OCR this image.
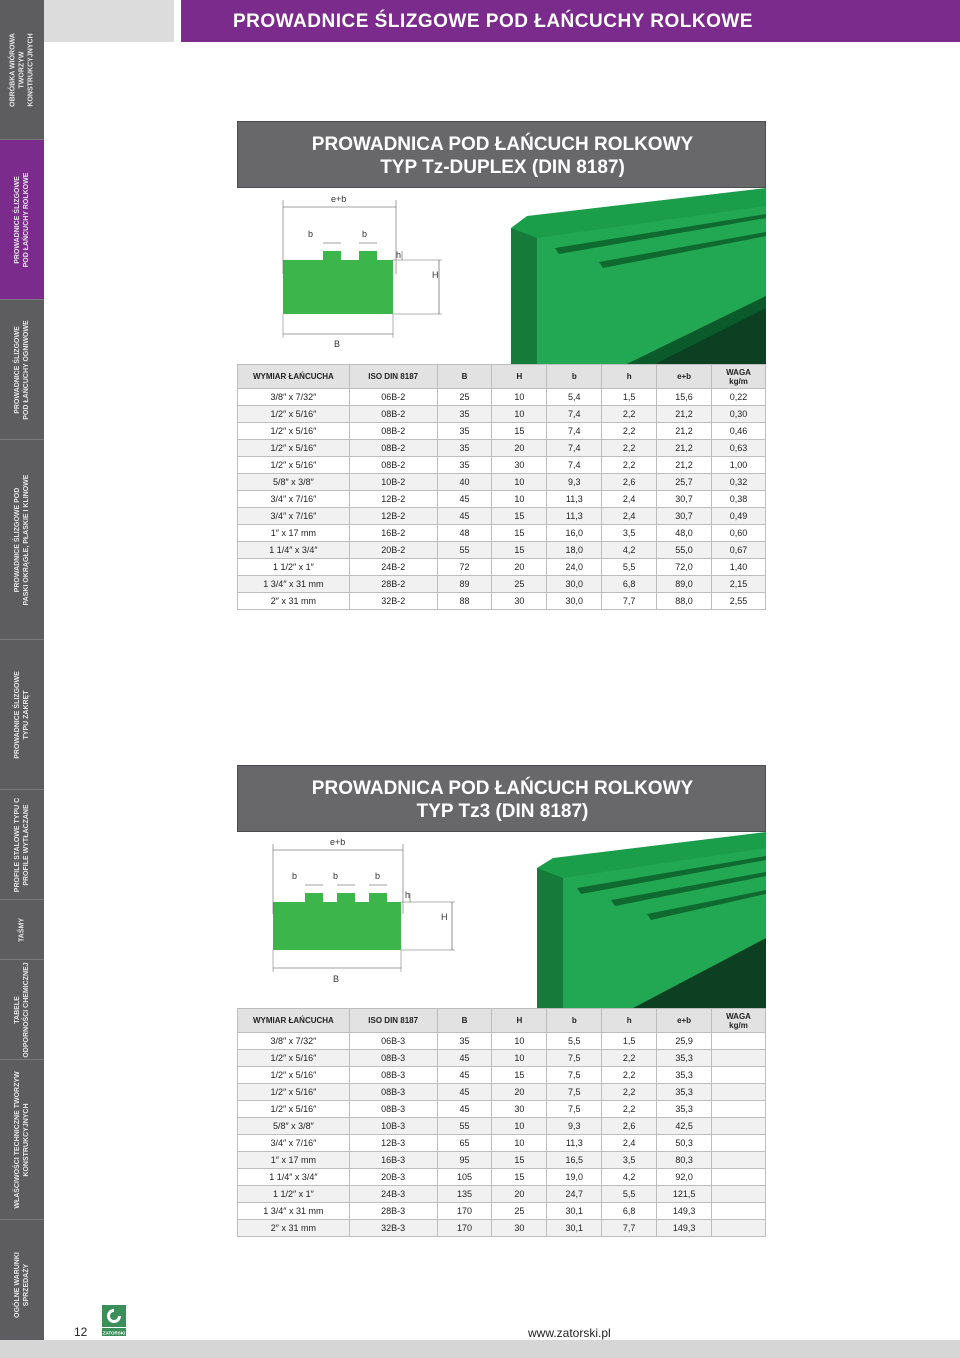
OBRÓBKA WIÓROWA TWORZYW KONSTRUKCYJNYCH
PROWADNICE ŚLIZGOWE POD ŁAŃCUCHY ROLKOWE
PROWADNICE ŚLIZGOWE POD ŁAŃCUCHY OGNIWOWE
PROWADNICE ŚLIZGOWE POD PASKI OKRĄGŁE, PŁASKIE I KLINOWE
PROWADNICE ŚLIZGOWE TYPU ZAKRĘT
PROFILE STALOWE TYPU C PROFILE WYTŁACZANE
TAŚMY
TABELE ODPORNOŚCI CHEMICZNEJ
WŁAŚCIWOŚCI TECHNICZNE TWORZYW KONSTRUKCYJNYCH
OGÓLNE WARUNKI SPRZEDAŻY
PROWADNICE ŚLIZGOWE POD ŁAŃCUCHY ROLKOWE
PROWADNICA POD ŁAŃCUCH ROLKOWY
TYP Tz-DUPLEX (DIN 8187)
e+b
b	b
h
H
B
WYMIAR ŁAŃCUCHA	ISO DIN 8187	B	H	b	h	e+b	WAGA
kg/m

3/8″ x 7/32″	06B-2	25	10	5,4	1,5	15,6	0,22
1/2″ x 5/16″	08B-2	35	10	7,4	2,2	21,2	0,30
1/2″ x 5/16″	08B-2	35	15	7,4	2,2	21,2	0,46
1/2″ x 5/16″	08B-2	35	20	7,4	2,2	21,2	0,63
1/2″ x 5/16″	08B-2	35	30	7,4	2,2	21,2	1,00
5/8″ x 3/8″	10B-2	40	10	9,3	2,6	25,7	0,32
3/4″ x 7/16″	12B-2	45	10	11,3	2,4	30,7	0,38
3/4″ x 7/16″	12B-2	45	15	11,3	2,4	30,7	0,49
1″ x 17 mm	16B-2	48	15	16,0	3,5	48,0	0,60
1 1/4″ x 3/4″	20B-2	55	15	18,0	4,2	55,0	0,67
1 1/2″ x 1″	24B-2	72	20	24,0	5,5	72,0	1,40
1 3/4″ x 31 mm	28B-2	89	25	30,0	6,8	89,0	2,15
2″ x 31 mm	32B-2	88	30	30,0	7,7	88,0	2,55
PROWADNICA POD ŁAŃCUCH ROLKOWY
TYP Tz3 (DIN 8187)
e+b
b	b	b
h
H
B
WYMIAR ŁAŃCUCHA	ISO DIN 8187	B	H	b	h	e+b	WAGA
kg/m

3/8″ x 7/32″	06B-3	35	10	5,5	1,5	25,9	
1/2″ x 5/16″	08B-3	45	10	7,5	2,2	35,3	
1/2″ x 5/16″	08B-3	45	15	7,5	2,2	35,3	
1/2″ x 5/16″	08B-3	45	20	7,5	2,2	35,3	
1/2″ x 5/16″	08B-3	45	30	7,5	2,2	35,3	
5/8″ x 3/8″	10B-3	55	10	9,3	2,6	42,5	
3/4″ x 7/16″	12B-3	65	10	11,3	2,4	50,3	
1″ x 17 mm	16B-3	95	15	16,5	3,5	80,3	
1 1/4″ x 3/4″	20B-3	105	15	19,0	4,2	92,0	
1 1/2″ x 1″	24B-3	135	20	24,7	5,5	121,5	
1 3/4″ x 31 mm	28B-3	170	25	30,1	6,8	149,3	
2″ x 31 mm	32B-3	170	30	30,1	7,7	149,3	
12	ZATORSKI	www.zatorski.pl
